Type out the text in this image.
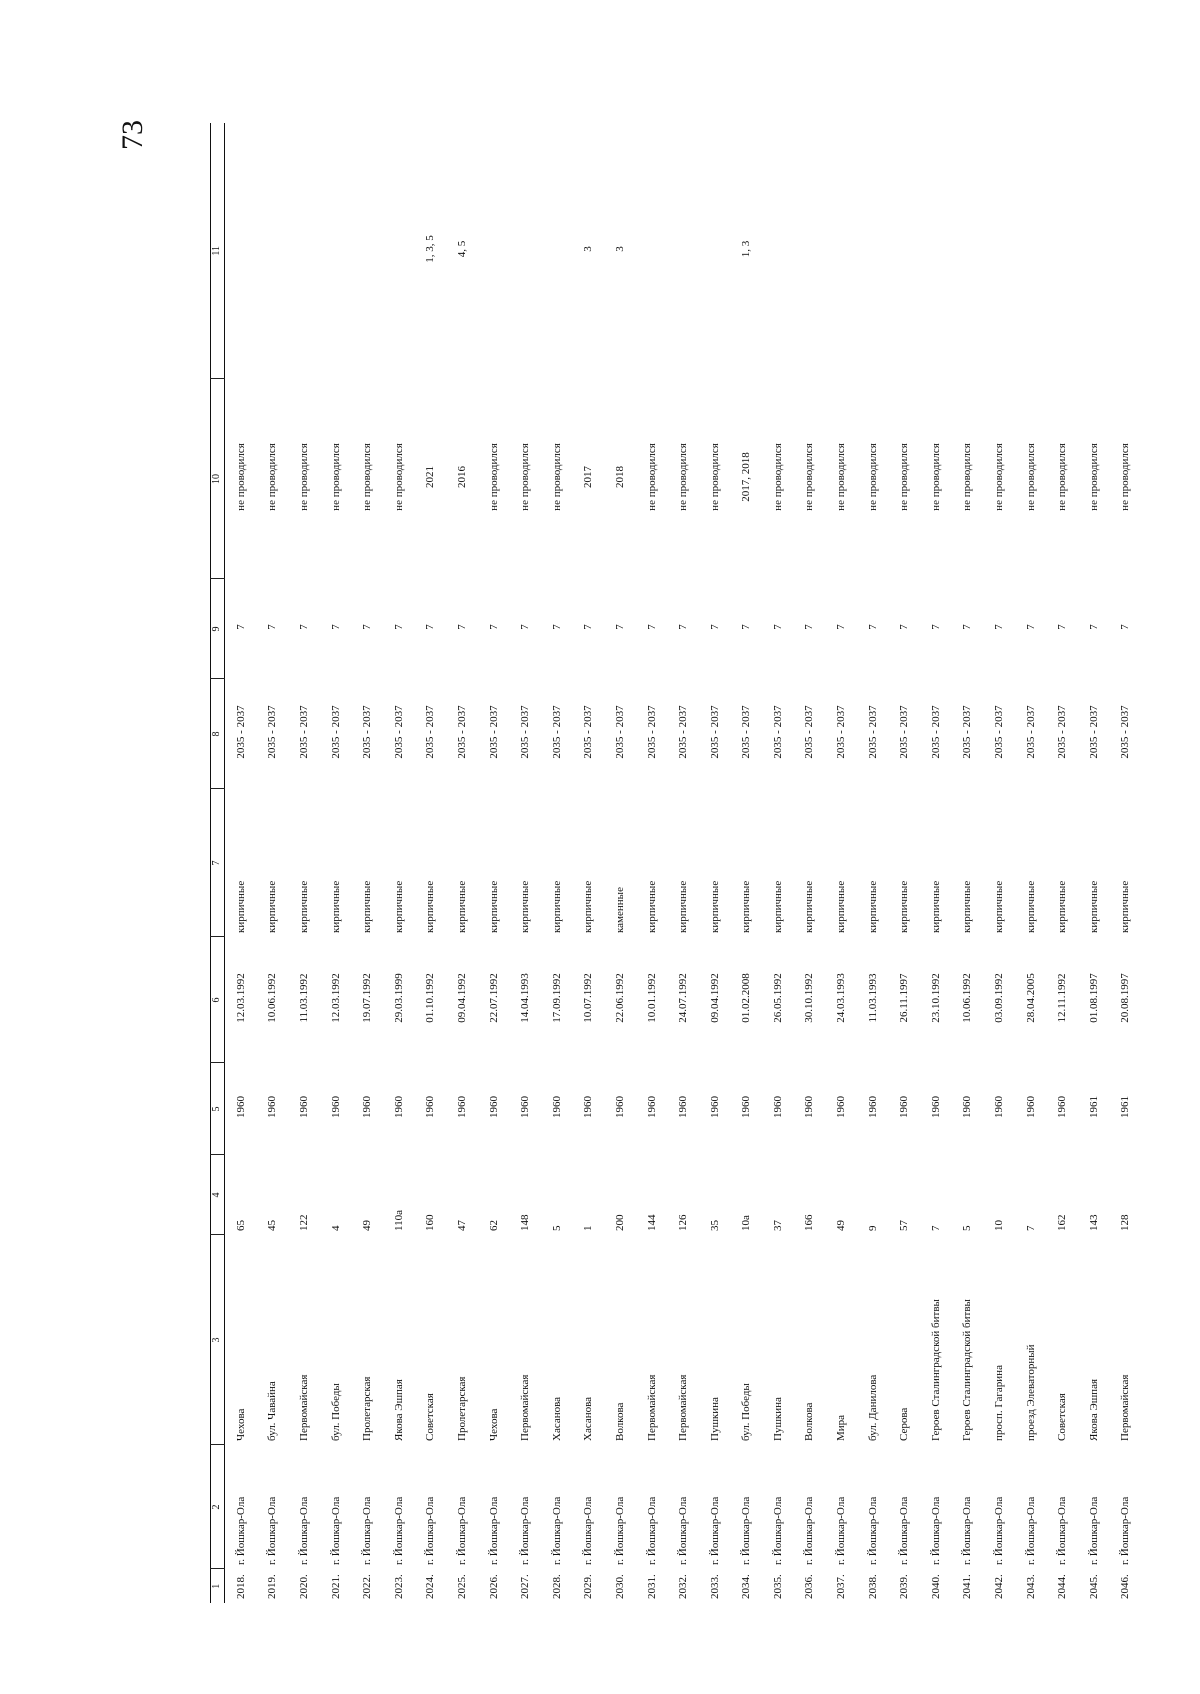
73
1	2	3	4	5	6	7	8	9	10	11
2018.	г. Йошкар-Ола	Чехова	65	1960	12.03.1992	кирпичные	2035 - 2037	7	не проводился	
2019.	г. Йошкар-Ола	бул. Чавайна	45	1960	10.06.1992	кирпичные	2035 - 2037	7	не проводился	
2020.	г. Йошкар-Ола	Первомайская	122	1960	11.03.1992	кирпичные	2035 - 2037	7	не проводился	
2021.	г. Йошкар-Ола	бул. Победы	4	1960	12.03.1992	кирпичные	2035 - 2037	7	не проводился	
2022.	г. Йошкар-Ола	Пролетарская	49	1960	19.07.1992	кирпичные	2035 - 2037	7	не проводился	
2023.	г. Йошкар-Ола	Якова Эшпая	110а	1960	29.03.1999	кирпичные	2035 - 2037	7	не проводился	
2024.	г. Йошкар-Ола	Советская	160	1960	01.10.1992	кирпичные	2035 - 2037	7	2021	1, 3, 5
2025.	г. Йошкар-Ола	Пролетарская	47	1960	09.04.1992	кирпичные	2035 - 2037	7	2016	4, 5
2026.	г. Йошкар-Ола	Чехова	62	1960	22.07.1992	кирпичные	2035 - 2037	7	не проводился	
2027.	г. Йошкар-Ола	Первомайская	148	1960	14.04.1993	кирпичные	2035 - 2037	7	не проводился	
2028.	г. Йошкар-Ола	Хасанова	5	1960	17.09.1992	кирпичные	2035 - 2037	7	не проводился	
2029.	г. Йошкар-Ола	Хасанова	1	1960	10.07.1992	кирпичные	2035 - 2037	7	2017	3
2030.	г. Йошкар-Ола	Волкова	200	1960	22.06.1992	каменные	2035 - 2037	7	2018	3
2031.	г. Йошкар-Ола	Первомайская	144	1960	10.01.1992	кирпичные	2035 - 2037	7	не проводился	
2032.	г. Йошкар-Ола	Первомайская	126	1960	24.07.1992	кирпичные	2035 - 2037	7	не проводился	
2033.	г. Йошкар-Ола	Пушкина	35	1960	09.04.1992	кирпичные	2035 - 2037	7	не проводился	
2034.	г. Йошкар-Ола	бул. Победы	10а	1960	01.02.2008	кирпичные	2035 - 2037	7	2017, 2018	1, 3
2035.	г. Йошкар-Ола	Пушкина	37	1960	26.05.1992	кирпичные	2035 - 2037	7	не проводился	
2036.	г. Йошкар-Ола	Волкова	166	1960	30.10.1992	кирпичные	2035 - 2037	7	не проводился	
2037.	г. Йошкар-Ола	Мира	49	1960	24.03.1993	кирпичные	2035 - 2037	7	не проводился	
2038.	г. Йошкар-Ола	бул. Данилова	9	1960	11.03.1993	кирпичные	2035 - 2037	7	не проводился	
2039.	г. Йошкар-Ола	Серова	57	1960	26.11.1997	кирпичные	2035 - 2037	7	не проводился	
2040.	г. Йошкар-Ола	Героев Сталинградской битвы	7	1960	23.10.1992	кирпичные	2035 - 2037	7	не проводился	
2041.	г. Йошкар-Ола	Героев Сталинградской битвы	5	1960	10.06.1992	кирпичные	2035 - 2037	7	не проводился	
2042.	г. Йошкар-Ола	просп. Гагарина	10	1960	03.09.1992	кирпичные	2035 - 2037	7	не проводился	
2043.	г. Йошкар-Ола	проезд Элеваторный	7	1960	28.04.2005	кирпичные	2035 - 2037	7	не проводился	
2044.	г. Йошкар-Ола	Советская	162	1960	12.11.1992	кирпичные	2035 - 2037	7	не проводился	
2045.	г. Йошкар-Ола	Яковa Эшпая	143	1961	01.08.1997	кирпичные	2035 - 2037	7	не проводился	
2046.	г. Йошкар-Ола	Первомайская	128	1961	20.08.1997	кирпичные	2035 - 2037	7	не проводился	
